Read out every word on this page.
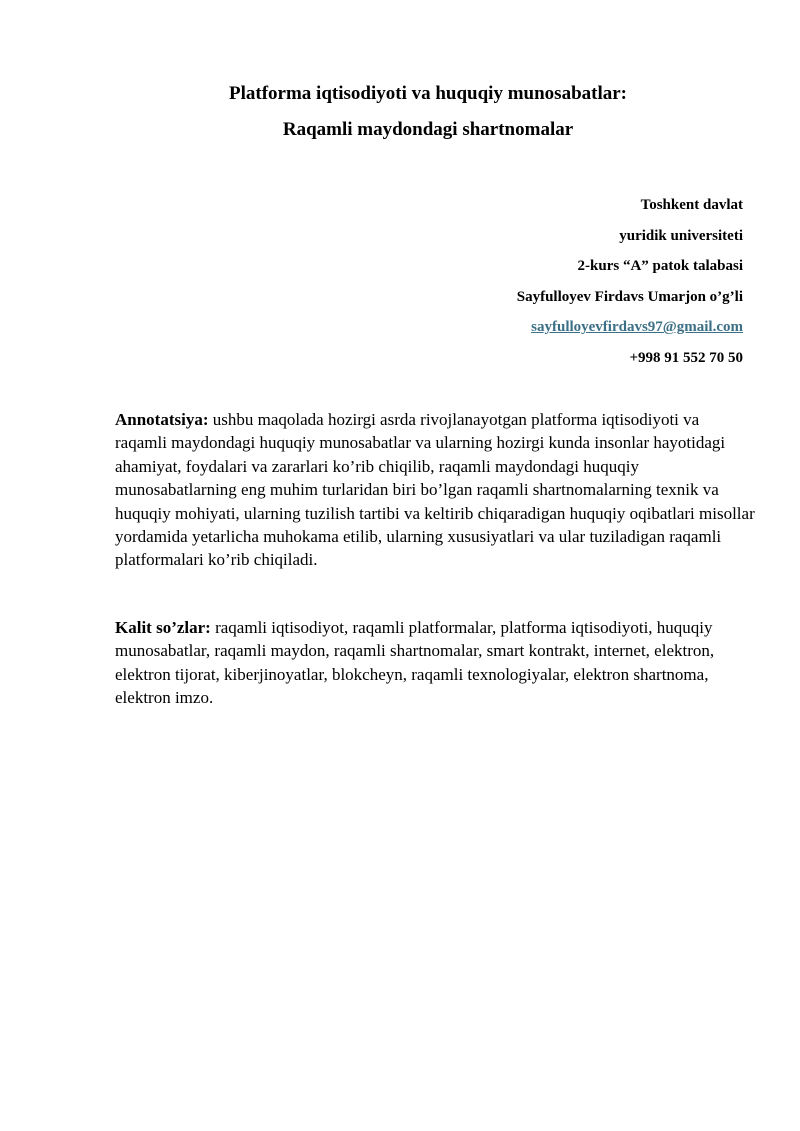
Platforma iqtisodiyoti va huquqiy munosabatlar:

Raqamli maydondagi shartnomalar

Toshkent davlat

yuridik universiteti

2-kurs “A” patok talabasi

Sayfulloyev Firdavs Umarjon o’g’li

sayfulloyevfirdavs97@gmail.com

+998 91 552 70 50

Annotatsiya: ushbu maqolada hozirgi asrda rivojlanayotgan platforma iqtisodiyoti va raqamli maydondagi huquqiy munosabatlar va ularning hozirgi kunda insonlar hayotidagi ahamiyat, foydalari va zararlari ko’rib chiqilib, raqamli maydondagi huquqiy munosabatlarning eng muhim turlaridan biri bo’lgan raqamli shartnomalarning texnik va huquqiy mohiyati, ularning tuzilish tartibi va keltirib chiqaradigan huquqiy oqibatlari misollar yordamida yetarlicha muhokama etilib, ularning xususiyatlari va ular tuziladigan raqamli platformalari ko’rib chiqiladi.

Kalit so’zlar: raqamli iqtisodiyot, raqamli platformalar, platforma iqtisodiyoti, huquqiy munosabatlar, raqamli maydon, raqamli shartnomalar, smart kontrakt, internet, elektron, elektron tijorat, kiberjinoyatlar, blokcheyn, raqamli texnologiyalar, elektron shartnoma, elektron imzo.
